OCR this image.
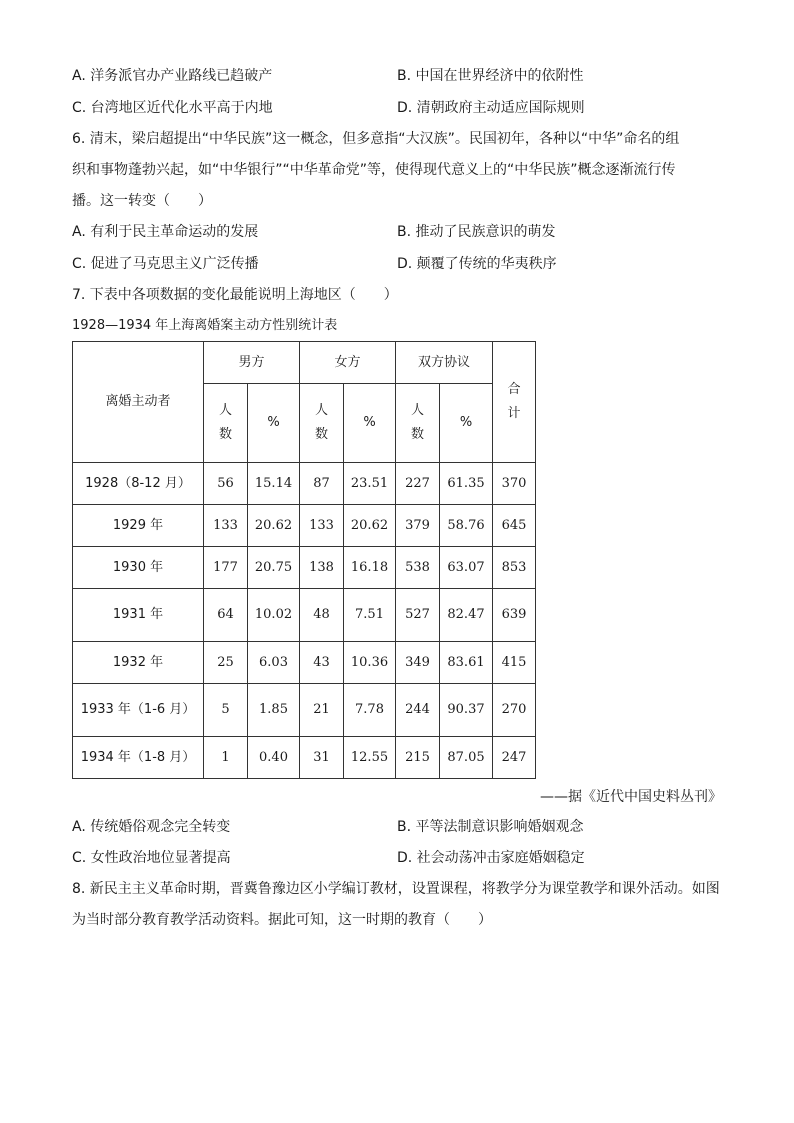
A. 洋务派官办产业路线已趋破产	B. 中国在世界经济中的依附性
C. 台湾地区近代化水平高于内地	D. 清朝政府主动适应国际规则
6. 清末，梁启超提出“中华民族”这一概念，但多意指“大汉族”。民国初年，各种以“中华”命名的组
织和事物蓬勃兴起，如“中华银行”“中华革命党”等，使得现代意义上的“中华民族”概念逐渐流行传
播。这一转变（　　）
A. 有利于民主革命运动的发展	B. 推动了民族意识的萌发
C. 促进了马克思主义广泛传播	D. 颠覆了传统的华夷秩序
7. 下表中各项数据的变化最能说明上海地区（　　）
1928—1934 年上海离婚案主动方性别统计表
离婚主动者	男方		女方		双方协议		合计
	人数	%	人数	%	人数	%	
1928（8-12 月）	56	15.14	87	23.51	227	61.35	370
1929 年	133	20.62	133	20.62	379	58.76	645
1930 年	177	20.75	138	16.18	538	63.07	853
1931 年	64	10.02	48	7.51	527	82.47	639
1932 年	25	6.03	43	10.36	349	83.61	415
1933 年（1-6 月）	5	1.85	21	7.78	244	90.37	270
1934 年（1-8 月）	1	0.40	31	12.55	215	87.05	247
——据《近代中国史料丛刊》
A. 传统婚俗观念完全转变	B. 平等法制意识影响婚姻观念
C. 女性政治地位显著提高	D. 社会动荡冲击家庭婚姻稳定
8. 新民主主义革命时期，晋冀鲁豫边区小学编订教材，设置课程，将教学分为课堂教学和课外活动。如图
为当时部分教育教学活动资料。据此可知，这一时期的教育（　　）
